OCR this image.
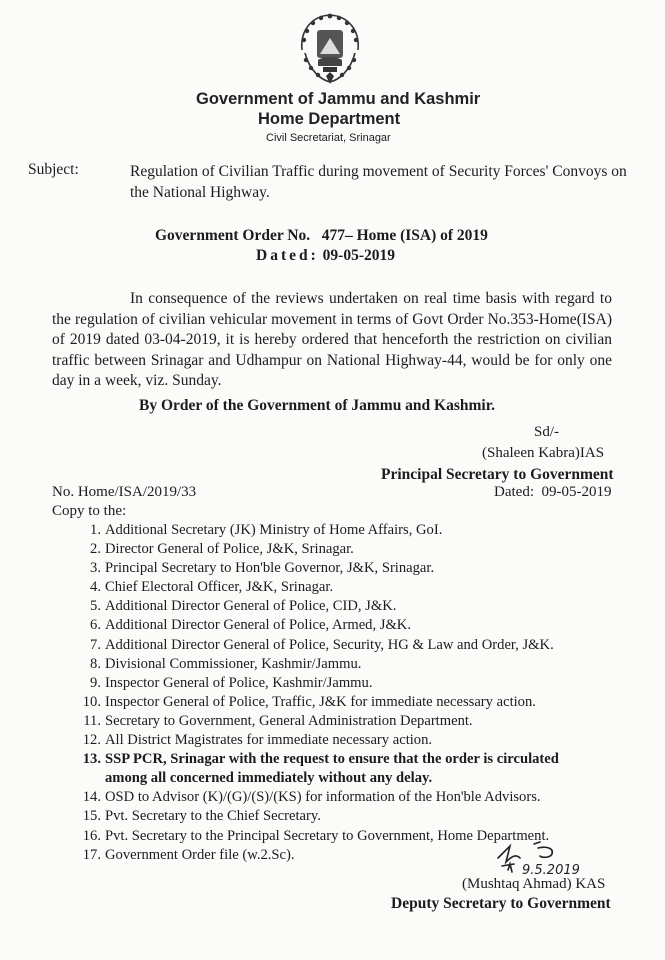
Government of Jammu and Kashmir
Home Department
Civil Secretariat, Srinagar
Subject:	Regulation of Civilian Traffic during movement of Security Forces' Convoys on the National Highway.
Government Order No.   477– Home (ISA) of 2019
Dated: 09-05-2019
In consequence of the reviews undertaken on real time basis with regard to the regulation of civilian vehicular movement in terms of Govt Order No.353-Home(ISA) of 2019 dated 03-04-2019, it is hereby ordered that henceforth the restriction on civilian traffic between Srinagar and Udhampur on National Highway-44, would be for only one day in a week, viz. Sunday.
By Order of the Government of Jammu and Kashmir.
Sd/-
(Shaleen Kabra)IAS
Principal Secretary to Government
No. Home/ISA/2019/33	Dated:  09-05-2019
Copy to the:
1. Additional Secretary (JK) Ministry of Home Affairs, GoI.
2. Director General of Police, J&K, Srinagar.
3. Principal Secretary to Hon'ble Governor, J&K, Srinagar.
4. Chief Electoral Officer, J&K, Srinagar.
5. Additional Director General of Police, CID, J&K.
6. Additional Director General of Police, Armed, J&K.
7. Additional Director General of Police, Security, HG & Law and Order, J&K.
8. Divisional Commissioner, Kashmir/Jammu.
9. Inspector General of Police, Kashmir/Jammu.
10. Inspector General of Police, Traffic, J&K for immediate necessary action.
11. Secretary to Government, General Administration Department.
12. All District Magistrates for immediate necessary action.
13. SSP PCR, Srinagar with the request to ensure that the order is circulated
among all concerned immediately without any delay.
14. OSD to Advisor (K)/(G)/(S)/(KS) for information of the Hon'ble Advisors.
15. Pvt. Secretary to the Chief Secretary.
16. Pvt. Secretary to the Principal Secretary to Government, Home Department.
17. Government Order file (w.2.Sc).
9.5.2019
(Mushtaq Ahmad) KAS
Deputy Secretary to Government
